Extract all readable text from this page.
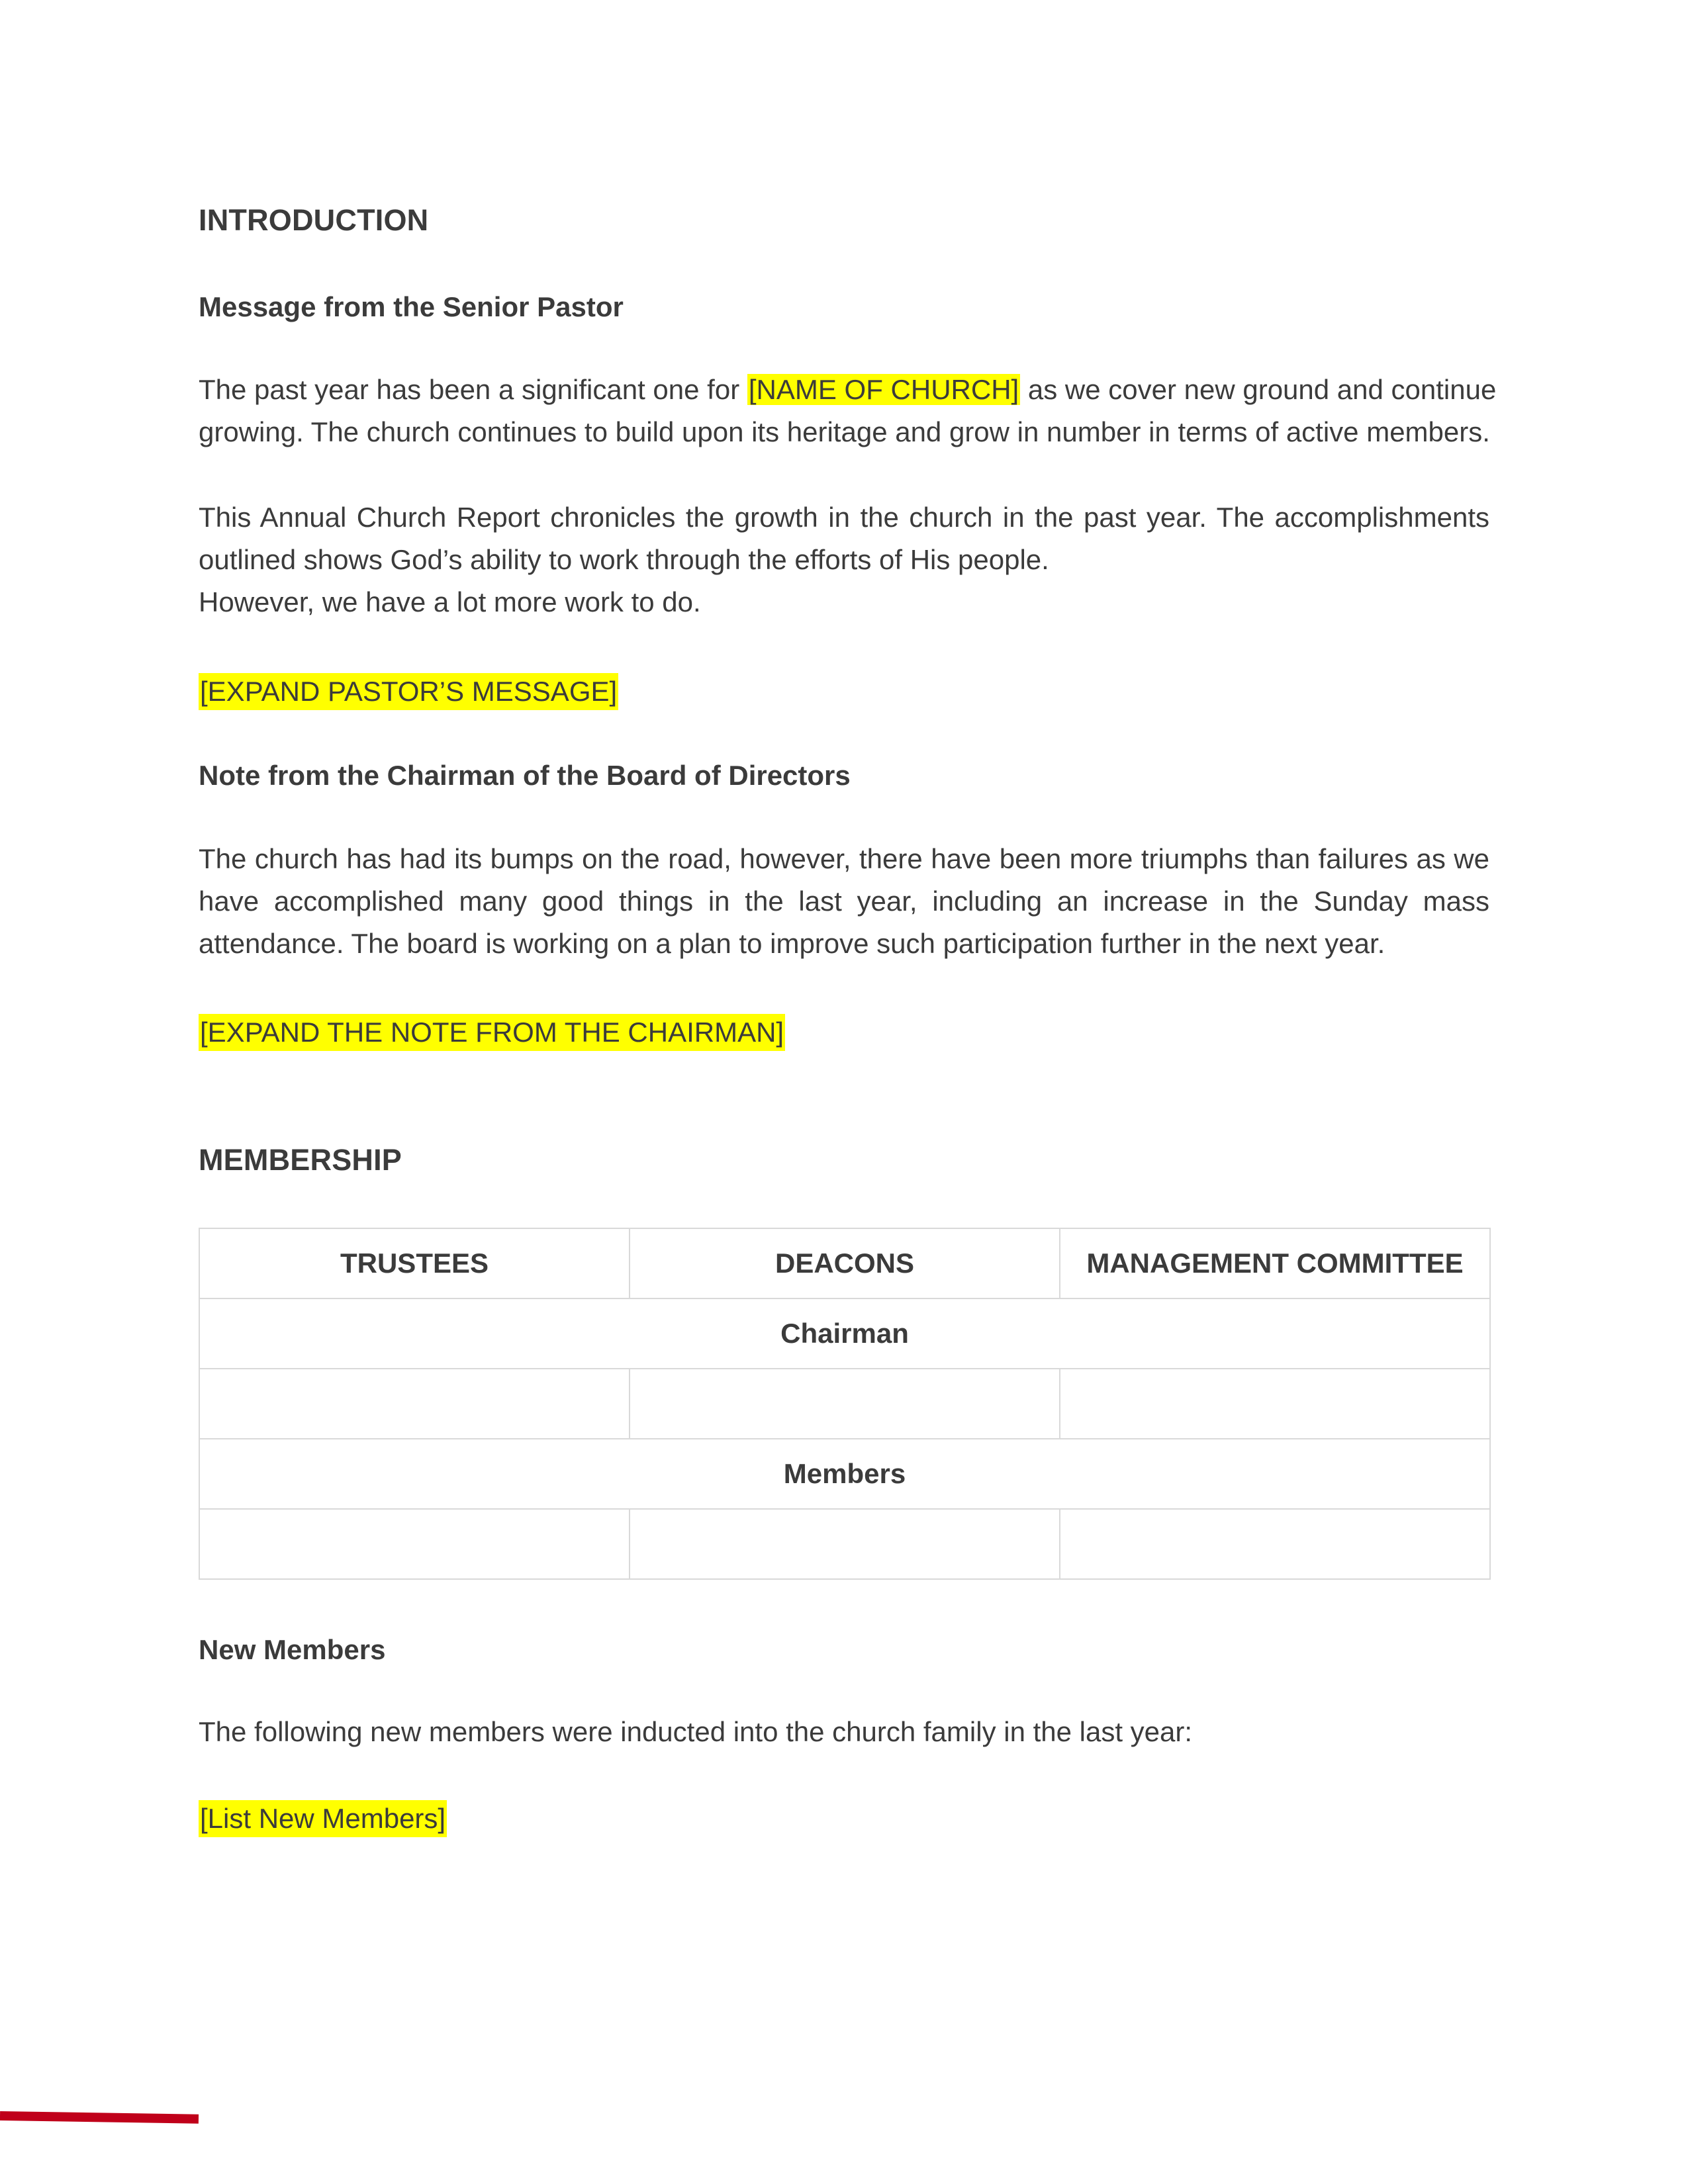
INTRODUCTION
Message from the Senior Pastor
The past year has been a significant one for [NAME OF CHURCH] as we cover new ground and continue
growing. The church continues to build upon its heritage and grow in number in terms of active members.
This Annual Church Report chronicles the growth in the church in the past year. The accomplishments
outlined shows God’s ability to work through the efforts of His people.
However, we have a lot more work to do.
[EXPAND PASTOR’S MESSAGE]
Note from the Chairman of the Board of Directors
The church has had its bumps on the road, however, there have been more triumphs than failures as we
have accomplished many good things in the last year, including an increase in the Sunday mass
attendance. The board is working on a plan to improve such participation further in the next year.
[EXPAND THE NOTE FROM THE CHAIRMAN]
MEMBERSHIP
TRUSTEES	DEACONS	MANAGEMENT COMMITTEE
Chairman		

Members		

New Members
The following new members were inducted into the church family in the last year:
[List New Members]
